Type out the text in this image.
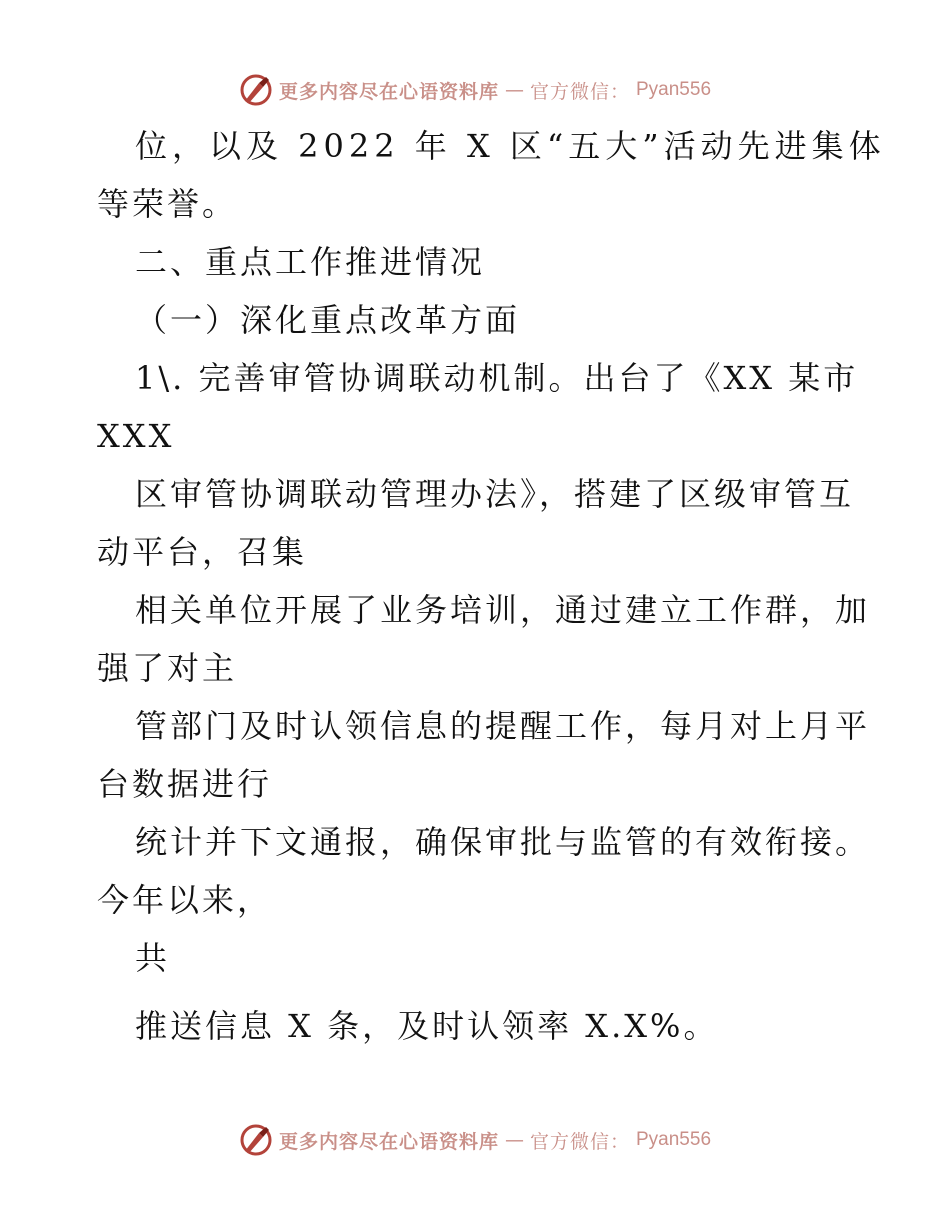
更多内容尽在心语资料库 — 官方微信： Pyan556
位，以及 2022 年 X 区“五大”活动先进集体
等荣誉。
二、重点工作推进情况
（一）深化重点改革方面
1\. 完善审管协调联动机制。出台了《XX 某市
XXX
区审管协调联动管理办法》，搭建了区级审管互
动平台，召集
相关单位开展了业务培训，通过建立工作群，加
强了对主
管部门及时认领信息的提醒工作，每月对上月平
台数据进行
统计并下文通报，确保审批与监管的有效衔接。
今年以来，
共
推送信息 X 条，及时认领率 X.X%。
更多内容尽在心语资料库 — 官方微信： Pyan556
